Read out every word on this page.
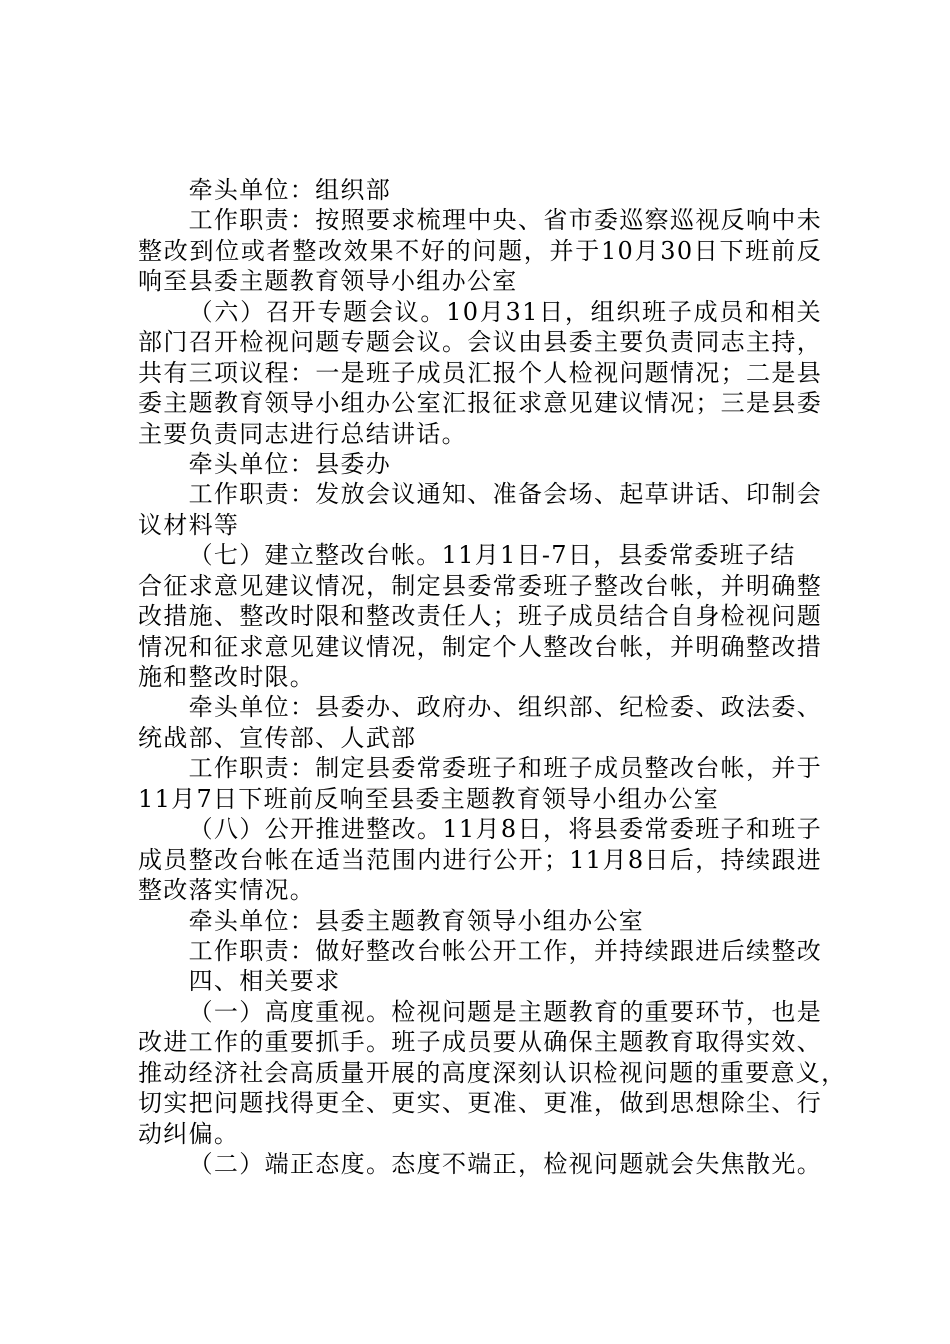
牵头单位：组织部
工作职责：按照要求梳理中央、省市委巡察巡视反响中未
整改到位或者整改效果不好的问题，并于10月30日下班前反
响至县委主题教育领导小组办公室
（六）召开专题会议。10月31日，组织班子成员和相关
部门召开检视问题专题会议。会议由县委主要负责同志主持，
共有三项议程：一是班子成员汇报个人检视问题情况；二是县
委主题教育领导小组办公室汇报征求意见建议情况；三是县委
主要负责同志进行总结讲话。
牵头单位：县委办
工作职责：发放会议通知、准备会场、起草讲话、印制会
议材料等
（七）建立整改台帐。11月1日-7日，县委常委班子结
合征求意见建议情况，制定县委常委班子整改台帐，并明确整
改措施、整改时限和整改责任人；班子成员结合自身检视问题
情况和征求意见建议情况，制定个人整改台帐，并明确整改措
施和整改时限。
牵头单位：县委办、政府办、组织部、纪检委、政法委、
统战部、宣传部、人武部
工作职责：制定县委常委班子和班子成员整改台帐，并于
11月7日下班前反响至县委主题教育领导小组办公室
（八）公开推进整改。11月8日，将县委常委班子和班子
成员整改台帐在适当范围内进行公开；11月8日后，持续跟进
整改落实情况。
牵头单位：县委主题教育领导小组办公室
工作职责：做好整改台帐公开工作，并持续跟进后续整改
四、相关要求
（一）高度重视。检视问题是主题教育的重要环节，也是
改进工作的重要抓手。班子成员要从确保主题教育取得实效、
推动经济社会高质量开展的高度深刻认识检视问题的重要意义，
切实把问题找得更全、更实、更准、更准，做到思想除尘、行
动纠偏。
（二）端正态度。态度不端正，检视问题就会失焦散光。
